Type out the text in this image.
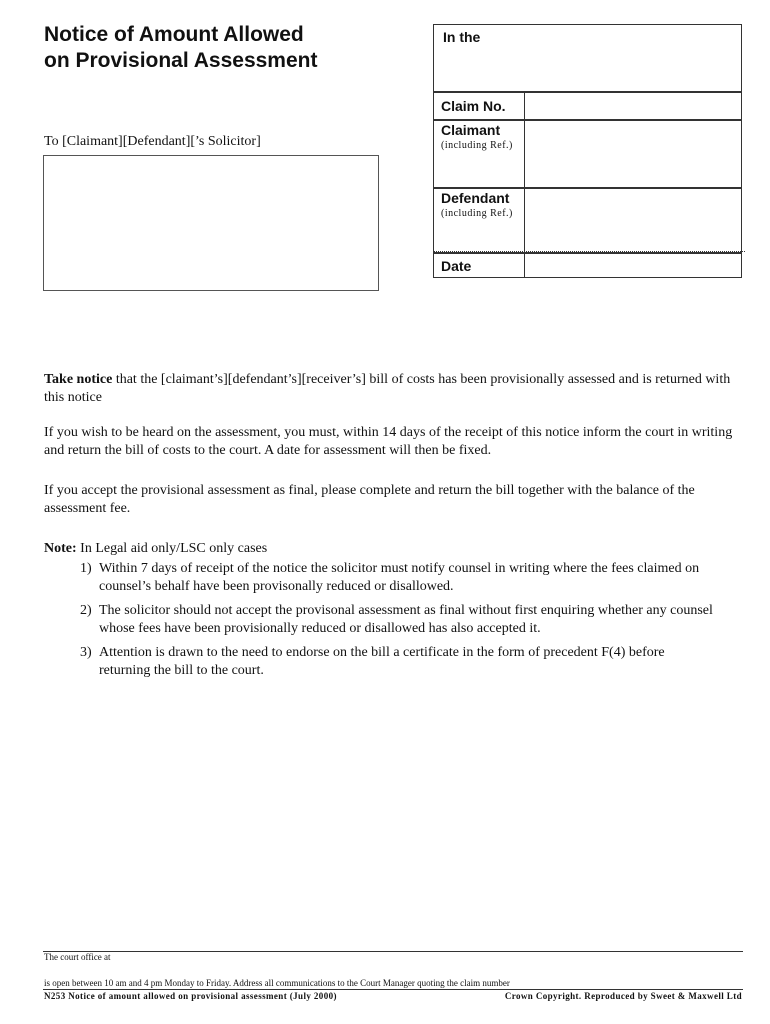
Notice of Amount Allowed
on Provisional Assessment
To [Claimant][Defendant][’s Solicitor]
In the
Claim No.
Claimant
(including Ref.)
Defendant
(including Ref.)
Date
Take notice that the [claimant’s][defendant’s][receiver’s] bill of costs has been provisionally assessed and is returned with this notice
If you wish to be heard on the assessment, you must, within 14 days of the receipt of this notice inform the court in writing and return the bill of costs to the court. A date for assessment will then be fixed.
If you accept the provisional assessment as final, please complete and return the bill together with the balance of the assessment fee.
Note: In Legal aid only/LSC only cases
1) Within 7 days of receipt of the notice the solicitor must notify counsel in writing where the fees claimed on counsel’s behalf have been provisonally reduced or disallowed.
2) The solicitor should not accept the provisonal assessment as final without first enquiring whether any counsel whose fees have been provisionally reduced or disallowed has also accepted it.
3) Attention is drawn to the need to endorse on the bill a certificate in the form of precedent F(4) before returning the bill to the court.
The court office at
is open between 10 am and 4 pm Monday to Friday. Address all communications to the Court Manager quoting the claim number
N253 Notice of amount allowed on provisional assessment (July 2000)	Crown Copyright. Reproduced by Sweet & Maxwell Ltd
